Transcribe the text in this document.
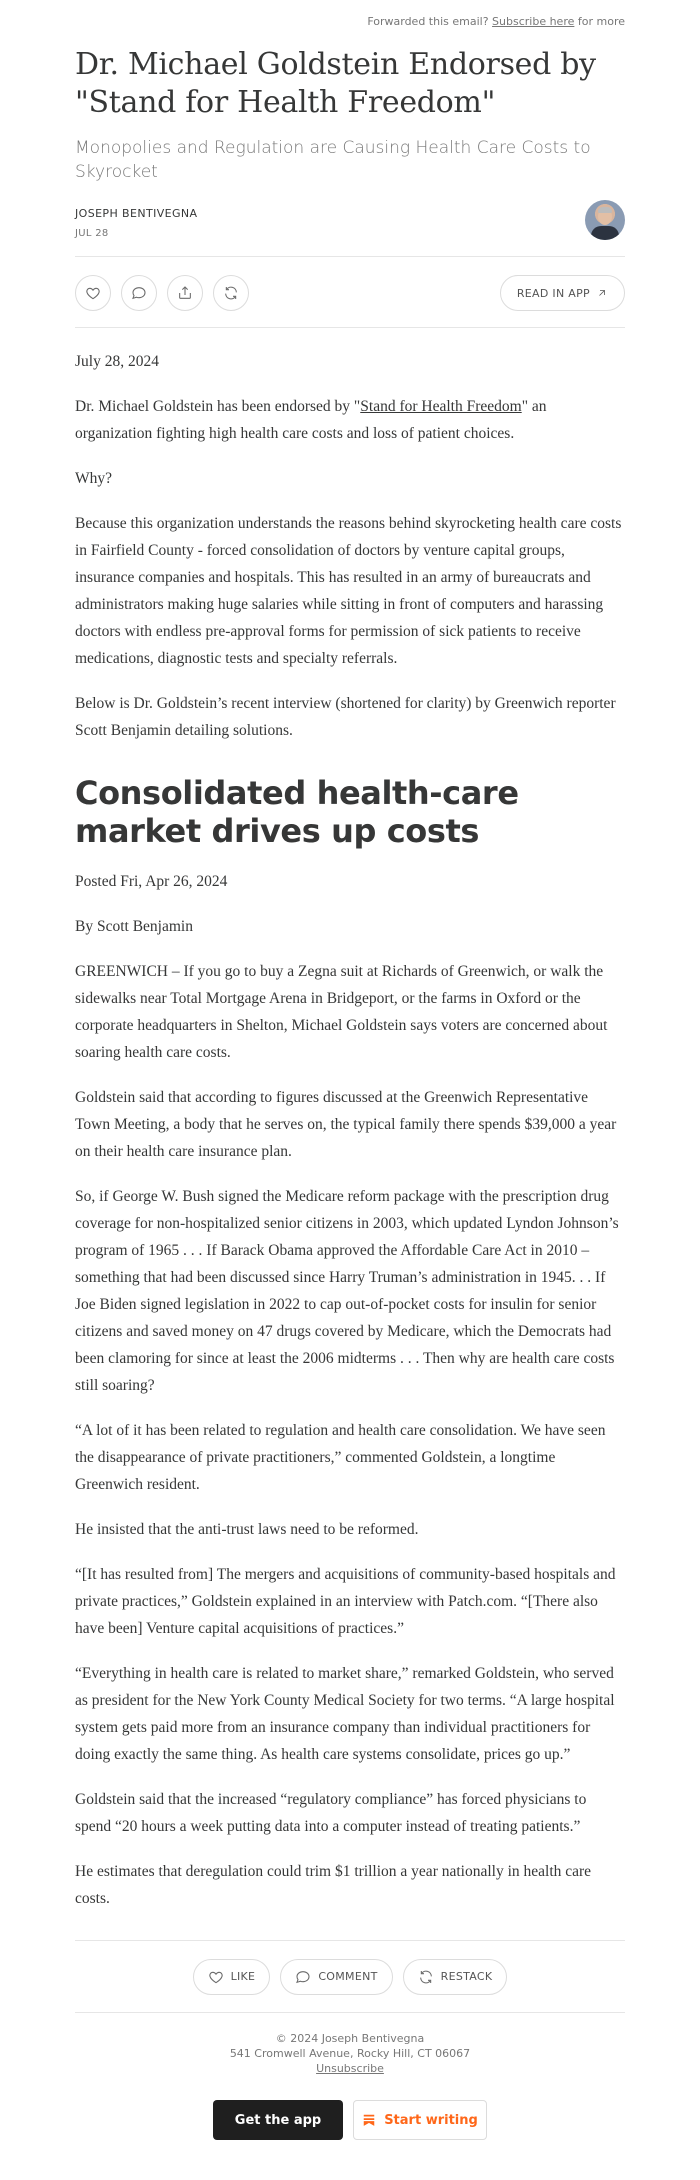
Forwarded this email? Subscribe here for more
Dr. Michael Goldstein Endorsed by "Stand for Health Freedom"
Monopolies and Regulation are Causing Health Care Costs to Skyrocket
JOSEPH BENTIVEGNA
JUL 28
READ IN APP

July 28, 2024

Dr. Michael Goldstein has been endorsed by "Stand for Health Freedom" an organization fighting high health care costs and loss of patient choices.

Why?

Because this organization understands the reasons behind skyrocketing health care costs in Fairfield County - forced consolidation of doctors by venture capital groups, insurance companies and hospitals. This has resulted in an army of bureaucrats and administrators making huge salaries while sitting in front of computers and harassing doctors with endless pre-approval forms for permission of sick patients to receive medications, diagnostic tests and specialty referrals.

Below is Dr. Goldstein’s recent interview (shortened for clarity) by Greenwich reporter Scott Benjamin detailing solutions.

Consolidated health-care market drives up costs

Posted Fri, Apr 26, 2024

By Scott Benjamin

GREENWICH – If you go to buy a Zegna suit at Richards of Greenwich, or walk the sidewalks near Total Mortgage Arena in Bridgeport, or the farms in Oxford or the corporate headquarters in Shelton, Michael Goldstein says voters are concerned about soaring health care costs.

Goldstein said that according to figures discussed at the Greenwich Representative Town Meeting, a body that he serves on, the typical family there spends $39,000 a year on their health care insurance plan.

So, if George W. Bush signed the Medicare reform package with the prescription drug coverage for non-hospitalized senior citizens in 2003, which updated Lyndon Johnson’s program of 1965 . . . If Barack Obama approved the Affordable Care Act in 2010 – something that had been discussed since Harry Truman’s administration in 1945. . . If Joe Biden signed legislation in 2022 to cap out-of-pocket costs for insulin for senior citizens and saved money on 47 drugs covered by Medicare, which the Democrats had been clamoring for since at least the 2006 midterms . . . Then why are health care costs still soaring?

“A lot of it has been related to regulation and health care consolidation. We have seen the disappearance of private practitioners,” commented Goldstein, a longtime Greenwich resident.

He insisted that the anti-trust laws need to be reformed.

“[It has resulted from] The mergers and acquisitions of community-based hospitals and private practices,” Goldstein explained in an interview with Patch.com. “[There also have been] Venture capital acquisitions of practices.”

“Everything in health care is related to market share,” remarked Goldstein, who served as president for the New York County Medical Society for two terms. “A large hospital system gets paid more from an insurance company than individual practitioners for doing exactly the same thing. As health care systems consolidate, prices go up.”

Goldstein said that the increased “regulatory compliance” has forced physicians to spend “20 hours a week putting data into a computer instead of treating patients.”

He estimates that deregulation could trim $1 trillion a year nationally in health care costs.

LIKE	COMMENT	RESTACK
© 2024 Joseph Bentivegna
541 Cromwell Avenue, Rocky Hill, CT 06067
Unsubscribe
Get the app	Start writing
